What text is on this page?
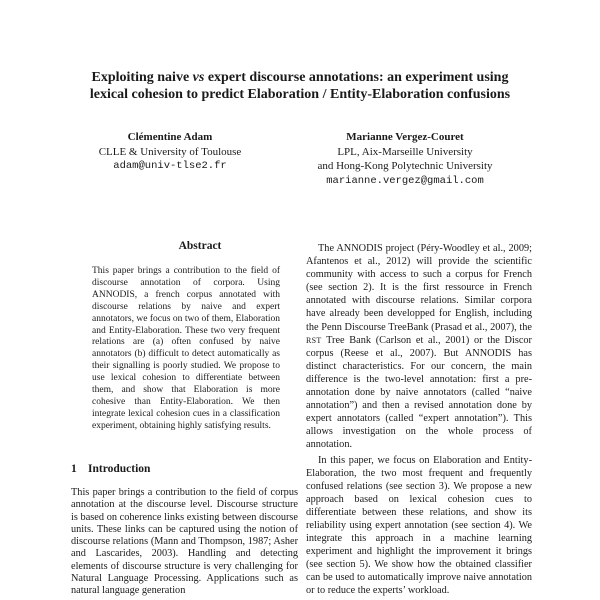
Exploiting naive vs expert discourse annotations: an experiment using
lexical cohesion to predict Elaboration / Entity-Elaboration confusions
Clémentine Adam
CLLE & University of Toulouse
adam@univ-tlse2.fr
Marianne Vergez-Couret
LPL, Aix-Marseille University
and Hong-Kong Polytechnic University
marianne.vergez@gmail.com
Abstract

This paper brings a contribution to the field of discourse annotation of corpora. Using ANNODIS, a french corpus annotated with discourse relations by naive and expert annotators, we focus on two of them, Elaboration and Entity-Elaboration. These two very frequent relations are (a) often confused by naive annotators (b) difficult to detect automatically as their signalling is poorly studied. We propose to use lexical cohesion to differentiate between them, and show that Elaboration is more cohesive than Entity-Elaboration. We then integrate lexical cohesion cues in a classification experiment, obtaining highly satisfying results.

1 Introduction

This paper brings a contribution to the field of corpus annotation at the discourse level. Discourse structure is based on coherence links existing between discourse units. These links can be captured using the notion of discourse relations (Mann and Thompson, 1987; Asher and Lascarides, 2003). Handling and detecting elements of discourse structure is very challenging for Natural Language Processing. Applications such as natural language generation

The ANNODIS project (Péry-Woodley et al., 2009; Afantenos et al., 2012) will provide the scientific community with access to such a corpus for French (see section 2). It is the first ressource in French annotated with discourse relations. Similar corpora have already been developped for English, including the Penn Discourse TreeBank (Prasad et al., 2007), the RST Tree Bank (Carlson et al., 2001) or the Discor corpus (Reese et al., 2007). But ANNODIS has distinct characteristics. For our concern, the main difference is the two-level annotation: first a pre-annotation done by naive annotators (called “naive annotation”) and then a revised annotation done by expert annotators (called “expert annotation”). This allows investigation on the whole process of annotation.

In this paper, we focus on Elaboration and Entity-Elaboration, the two most frequent and frequently confused relations (see section 3). We propose a new approach based on lexical cohesion cues to differentiate between these relations, and show its reliability using expert annotation (see section 4). We integrate this approach in a machine learning experiment and highlight the improvement it brings (see section 5). We show how the obtained classifier can be used to automatically improve naive annotation or to reduce the experts’ workload.
